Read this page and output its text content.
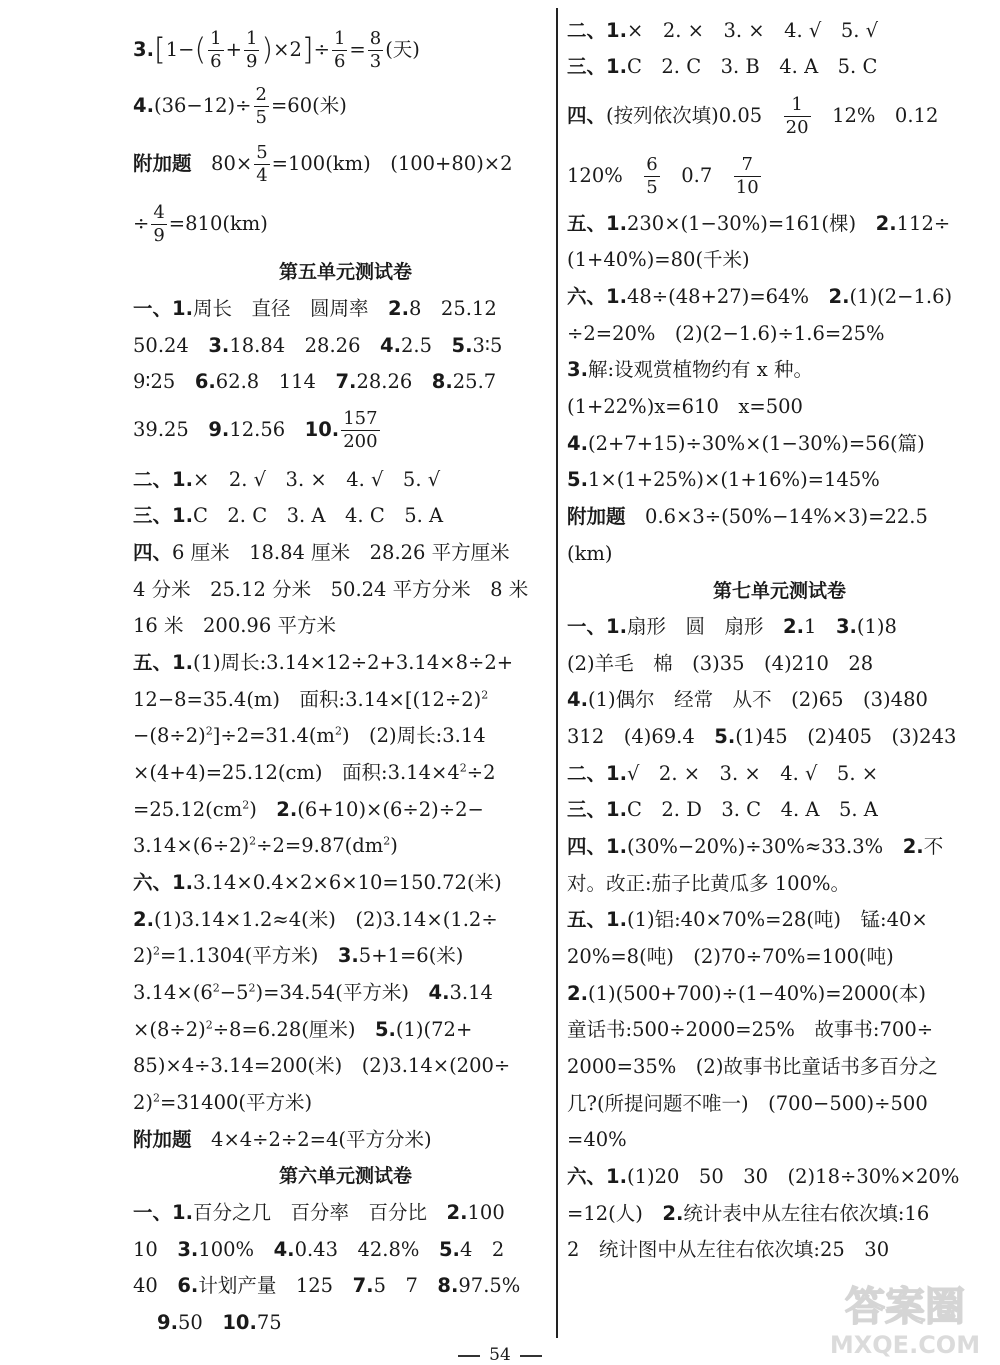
$3.[1-( \frac{1}{6} + \frac{1}{9} )\times 2]\div \frac{1}{6} = \frac{8}{3}$ (天)
$4.(36-12)\div \frac{2}{5} =60$(米)
附加题　 $80\times \frac{5}{4} =100(km)$　(100+80)×2
÷ $\frac{4}{9} =810(km)$
第五单元测试卷
一、1.周长　直径　圆周率　 2.8　25.12
50.24　 3.18.84　28.26　 4.2.5　 5.3∶5
9∶25　 6.62.8　114　 7.28.26　 8.25.7
39.25　 9.12.56　 10. $\frac{157}{200}$
二、1.×　2. √　3. ×　4. √　5. √
三、1.C　2. C　3. A　4. C　5. A
四、6 厘米　18.84 厘米　28.26 平方厘米
4 分米　25.12 分米　50.24 平方分米　8 米
16 米　200.96 平方米
五、1.(1)周长:3.14×12÷2+3.14×8÷2+
12−8=35.4(m)　面积$:3.14\times[(12\div 2)^2$
$-(8\div 2)^2]\div 2=31.4(m^2)$　(2)周长:3.14
×(4+4)=25.12(cm)　面积$:3.14\times 4^2\div 2$
$=25.12(cm^2)$　2.(6+10)×(6÷2)÷2−
$3.14\times(6\div 2)^2\div 2=9.87(dm^2)$
六、1.3.14×0.4×2×6×10=150.72(米)
2.(1)3.14×1.2≈4(米)　(2)3.14×(1.2÷
2)$^2$=1.1304(平方米)　3.5+1=6(米)
$3.14\times(6^2-5^2)=34.54$(平方米)　4.3.14
$\times(8\div 2)^2\div 8=6.28$(厘米)　5.(1)(72+
85)×4÷3.14=200(米)　(2)3.14×(200÷
2)$^2$=31400(平方米)
附加题　 4×4÷2÷2=4(平方分米)
第六单元测试卷
一、1.百分之几　百分率　百分比　 2.100
10　 3.100%　 4.0.43　42.8%　 5.4　2
40　 6.计划产量　125　 7.5　7　 8.97.5%
9.50　 10.75
二、1.×　2. ×　3. ×　4. √　5. √
三、1.C　2. C　3. B　4. A　5. C
四、(按列依次填)0.05　 $\frac{1}{20}$
　 12%　0.12
120%　 $\frac{6}{5}$
　 0.7　 $\frac{7}{10}$
五、1.230×(1−30%)=161(棵)　 2.112÷
(1+40%)=80(千米)
六、1.48÷(48+27)=64%　 2.(1)(2−1.6)
÷2=20%　(2)(2−1.6)÷1.6=25%
3.解:设观赏植物约有 x 种。
(1+22%)x=610　x=500
4.(2+7+15)÷30%×(1−30%)=56(篇)
5.1×(1+25%)×(1+16%)=145%
附加题　 0.6×3÷(50%−14%×3)=22.5
(km)
第七单元测试卷
一、1.扇形　圆　扇形　 2.1　 3.(1)8
(2)羊毛　棉　(3)35　(4)210　28
4.(1)偶尔　经常　从不　(2)65　(3)480
312　(4)69.4　 5.(1)45　(2)405　(3)243
二、1.√　2. ×　3. ×　4. √　5. ×
三、1.C　2. D　3. C　4. A　5. A
四、1.(30%−20%)÷30%≈33.3%　 2.不
对。改正:茄子比黄瓜多 100%。
五、1.(1)铝:40×70%=28(吨)　锰:40×
20%=8(吨)　(2)70÷70%=100(吨)
2.(1)(500+700)÷(1−40%)=2000(本)
童话书:500÷2000=25%　故事书:700÷
2000=35%　(2)故事书比童话书多百分之
几?(所提问题不唯一)　(700−500)÷500
=40%
六、1.(1)20　50　30　(2)18÷30%×20%
=12(人)　 2.统计表中从左往右依次填:16
2　统计图中从左往右依次填:25　30
答案圈
MXQE.COM
54
